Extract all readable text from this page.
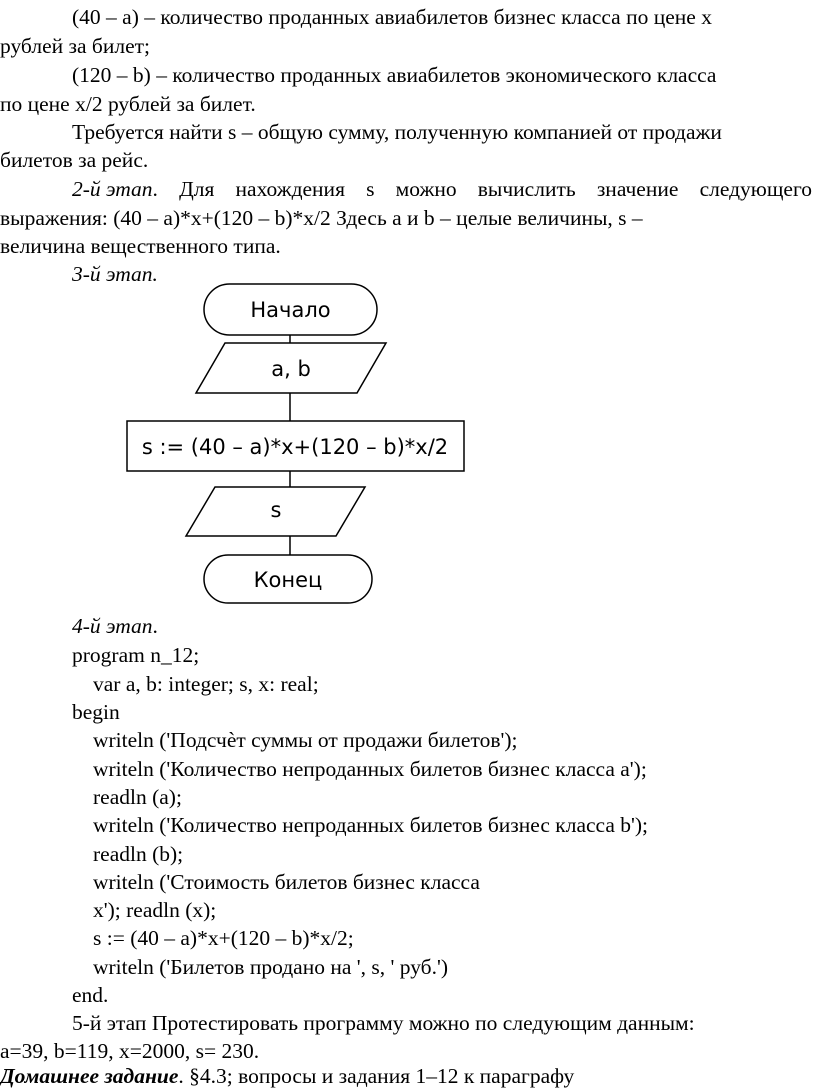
(40 – a) – количество проданных авиабилетов бизнес класса по цене x
рублей за билет;
(120 – b) – количество проданных авиабилетов экономического класса
по цене x/2 рублей за билет.
Требуется найти s – общую сумму, полученную компанией от продажи
билетов за рейс.
2-й этап . Для нахождения s можно вычислить значение следующего
выражения: (40 – a)*x+(120 – b)*x/2 Здесь a и b – целые величины, s –
величина вещественного типа.
3-й этап.
Начало
a, b
s := (40 – a)*x+(120 – b)*x/2
s
Конец
4-й этап.
program n_12;
var a, b: integer; s, x: real;
begin
writeln ('Подсчѐт суммы от продажи билетов');
writeln ('Количество непроданных билетов бизнес класса a');
readln (a);
writeln ('Количество непроданных билетов бизнес класса b');
readln (b);
writeln ('Стоимость билетов бизнес класса
x'); readln (x);
s := (40 – a)*x+(120 – b)*x/2;
writeln ('Билетов продано на ', s, ' руб.')
end.
5-й этап Протестировать программу можно по следующим данным:
a=39, b=119, x=2000, s= 230.
Домашнее задание. §4.3; вопросы и задания 1–12 к параграфу
